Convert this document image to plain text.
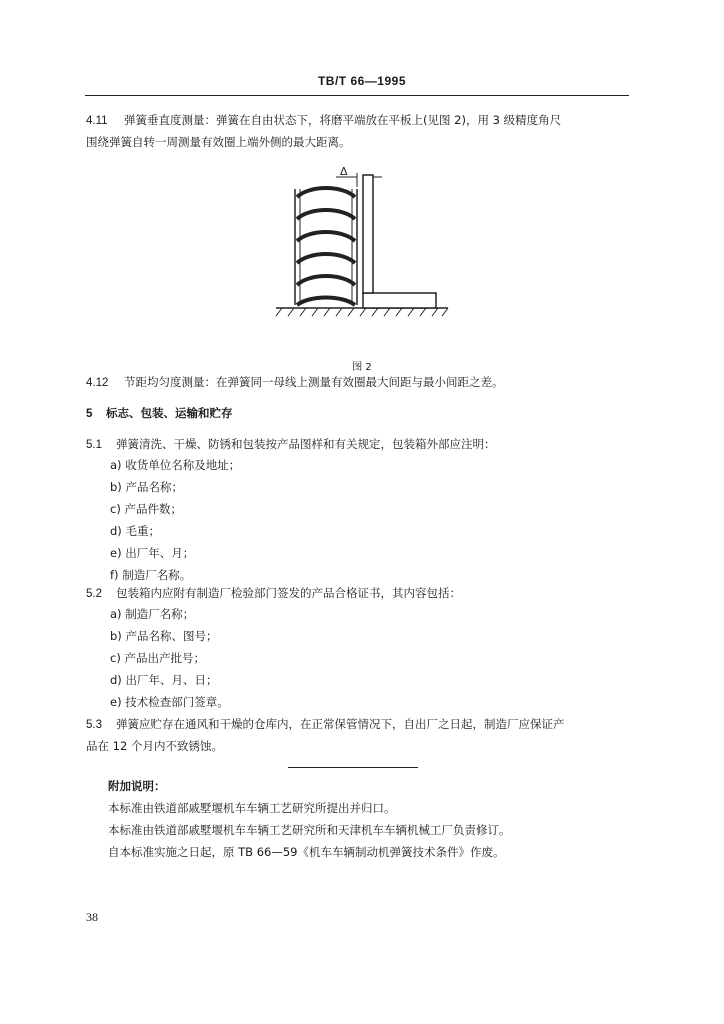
TB/T 66—1995
4.11 弹簧垂直度测量：弹簧在自由状态下，将磨平端放在平板上(见图 2)，用 3 级精度角尺
围绕弹簧自转一周测量有效圈上端外侧的最大距离。
Δ
图 2
4.12 节距均匀度测量：在弹簧同一母线上测量有效圈最大间距与最小间距之差。
5 标志、包装、运输和贮存
5.1 弹簧清洗、干燥、防锈和包装按产品图样和有关规定，包装箱外部应注明：
a) 收货单位名称及地址；
b) 产品名称；
c) 产品件数；
d) 毛重；
e) 出厂年、月；
f) 制造厂名称。
5.2 包装箱内应附有制造厂检验部门签发的产品合格证书，其内容包括：
a) 制造厂名称；
b) 产品名称、图号；
c) 产品出产批号；
d) 出厂年、月、日；
e) 技术检查部门签章。
5.3 弹簧应贮存在通风和干燥的仓库内，在正常保管情况下，自出厂之日起，制造厂应保证产
品在 12 个月内不致锈蚀。
附加说明：
本标准由铁道部戚墅堰机车车辆工艺研究所提出并归口。
本标准由铁道部戚墅堰机车车辆工艺研究所和天津机车车辆机械工厂负责修订。
自本标准实施之日起，原 TB 66—59《机车车辆制动机弹簧技术条件》作废。
38
